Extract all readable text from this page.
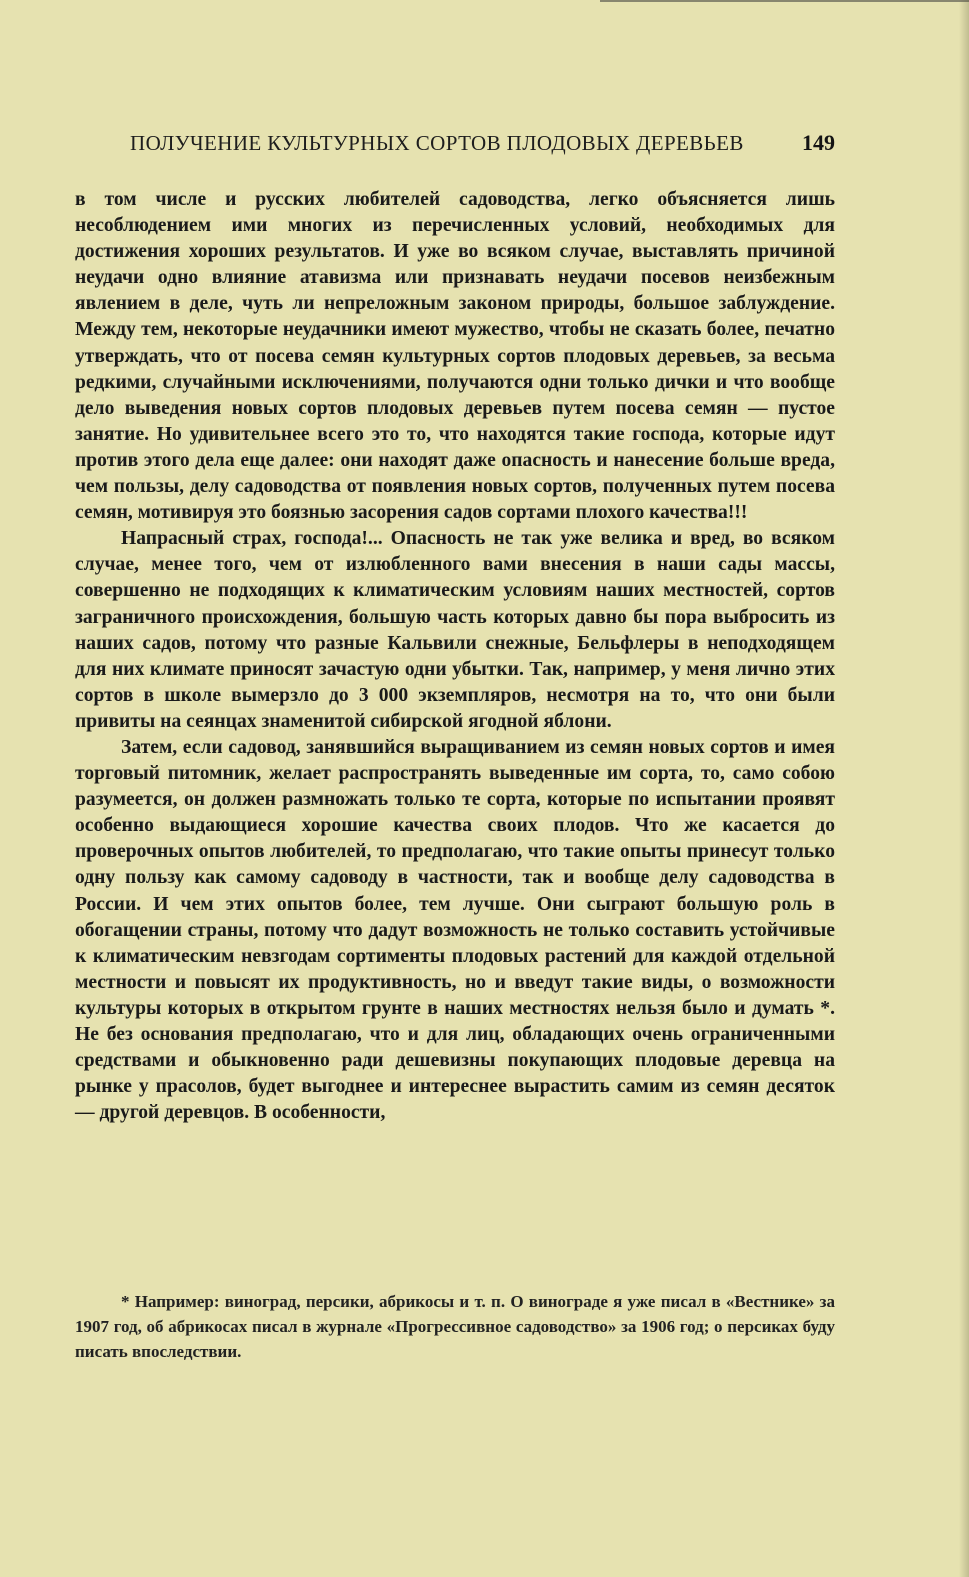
ПОЛУЧЕНИЕ КУЛЬТУРНЫХ СОРТОВ ПЛОДОВЫХ ДЕРЕВЬЕВ	149

в том числе и русских любителей садоводства, легко объясняется лишь несоблюдением ими многих из перечисленных условий, необходимых для достижения хороших результатов. И уже во всяком случае, выставлять причиной неудачи одно влияние атавизма или признавать неудачи посевов неизбежным явлением в деле, чуть ли непреложным законом природы, большое заблуждение. Между тем, некоторые неудачники имеют мужество, чтобы не сказать более, печатно утверждать, что от посева семян культурных сортов плодовых деревьев, за весьма редкими, случайными исключениями, получаются одни только дички и что вообще дело выведения новых сортов плодовых деревьев путем посева семян — пустое занятие. Но удивительнее всего это то, что находятся такие господа, которые идут против этого дела еще далее: они находят даже опасность и нанесение больше вреда, чем пользы, делу садоводства от появления новых сортов, полученных путем посева семян, мотивируя это боязнью засорения садов сортами плохого качества!!!

Напрасный страх, господа!... Опасность не так уже велика и вред, во всяком случае, менее того, чем от излюбленного вами внесения в наши сады массы, совершенно не подходящих к климатическим условиям наших местностей, сортов заграничного происхождения, большую часть которых давно бы пора выбросить из наших садов, потому что разные Кальвили снежные, Бельфлеры в неподходящем для них климате приносят зачастую одни убытки. Так, например, у меня лично этих сортов в школе вымерзло до 3 000 экземпляров, несмотря на то, что они были привиты на сеянцах знаменитой сибирской ягодной яблони.

Затем, если садовод, занявшийся выращиванием из семян новых сортов и имея торговый питомник, желает распространять выведенные им сорта, то, само собою разумеется, он должен размножать только те сорта, которые по испытании проявят особенно выдающиеся хорошие качества своих плодов. Что же касается до проверочных опытов любителей, то предполагаю, что такие опыты принесут только одну пользу как самому садоводу в частности, так и вообще делу садоводства в России. И чем этих опытов более, тем лучше. Они сыграют большую роль в обогащении страны, потому что дадут возможность не только составить устойчивые к климатическим невзгодам сортименты плодовых растений для каждой отдельной местности и повысят их продуктивность, но и введут такие виды, о возможности культуры которых в открытом грунте в наших местностях нельзя было и думать *. Не без основания предполагаю, что и для лиц, обладающих очень ограниченными средствами и обыкновенно ради дешевизны покупающих плодовые деревца на рынке у прасолов, будет выгоднее и интереснее вырастить самим из семян десяток — другой деревцов. В особенности,

* Например: виноград, персики, абрикосы и т. п. О винограде я уже писал в «Вестнике» за 1907 год, об абрикосах писал в журнале «Прогрессивное садоводство» за 1906 год; о персиках буду писать впоследствии.
